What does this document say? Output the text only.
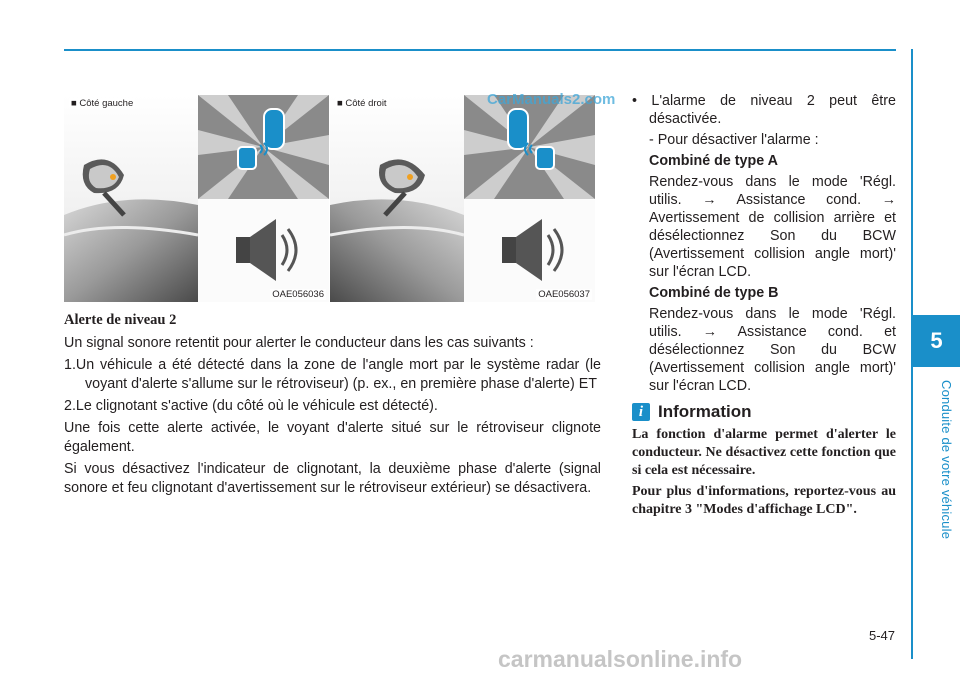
5
Conduite de votre véhicule
5-47
■ Côté gauche
OAE056036
■ Côté droit
OAE056037
CarManuals2.com
Alerte de niveau 2

Un signal sonore retentit pour alerter le conducteur dans les cas suivants :

1.Un véhicule a été détecté dans la zone de l'angle mort par le système radar (le voyant d'alerte s'allume sur le rétroviseur) (p. ex., en première phase d'alerte) ET

2.Le clignotant s'active (du côté où le véhicule est détecté).

Une fois cette alerte activée, le voyant d'alerte situé sur le rétroviseur clignote également.

Si vous désactivez l'indicateur de clignotant, la deuxième phase d'alerte (signal sonore et feu clignotant d'avertissement sur le rétroviseur extérieur) se désactivera.

• L'alarme de niveau 2 peut être désactivée.

- Pour désactiver l'alarme :

Combiné de type A

Rendez-vous dans le mode 'Régl. utilis. → Assistance cond. → Avertissement de collision arrière et désélectionnez Son du BCW (Avertissement collision angle mort)' sur l'écran LCD.

Combiné de type B

Rendez-vous dans le mode 'Régl. utilis. → Assistance cond. et désélectionnez Son du BCW (Avertissement collision angle mort)' sur l'écran LCD.

i Information

La fonction d'alarme permet d'alerter le conducteur. Ne désactivez cette fonction que si cela est nécessaire.

Pour plus d'informations, reportez-vous au chapitre 3 "Modes d'affichage LCD".

carmanualsonline.info
